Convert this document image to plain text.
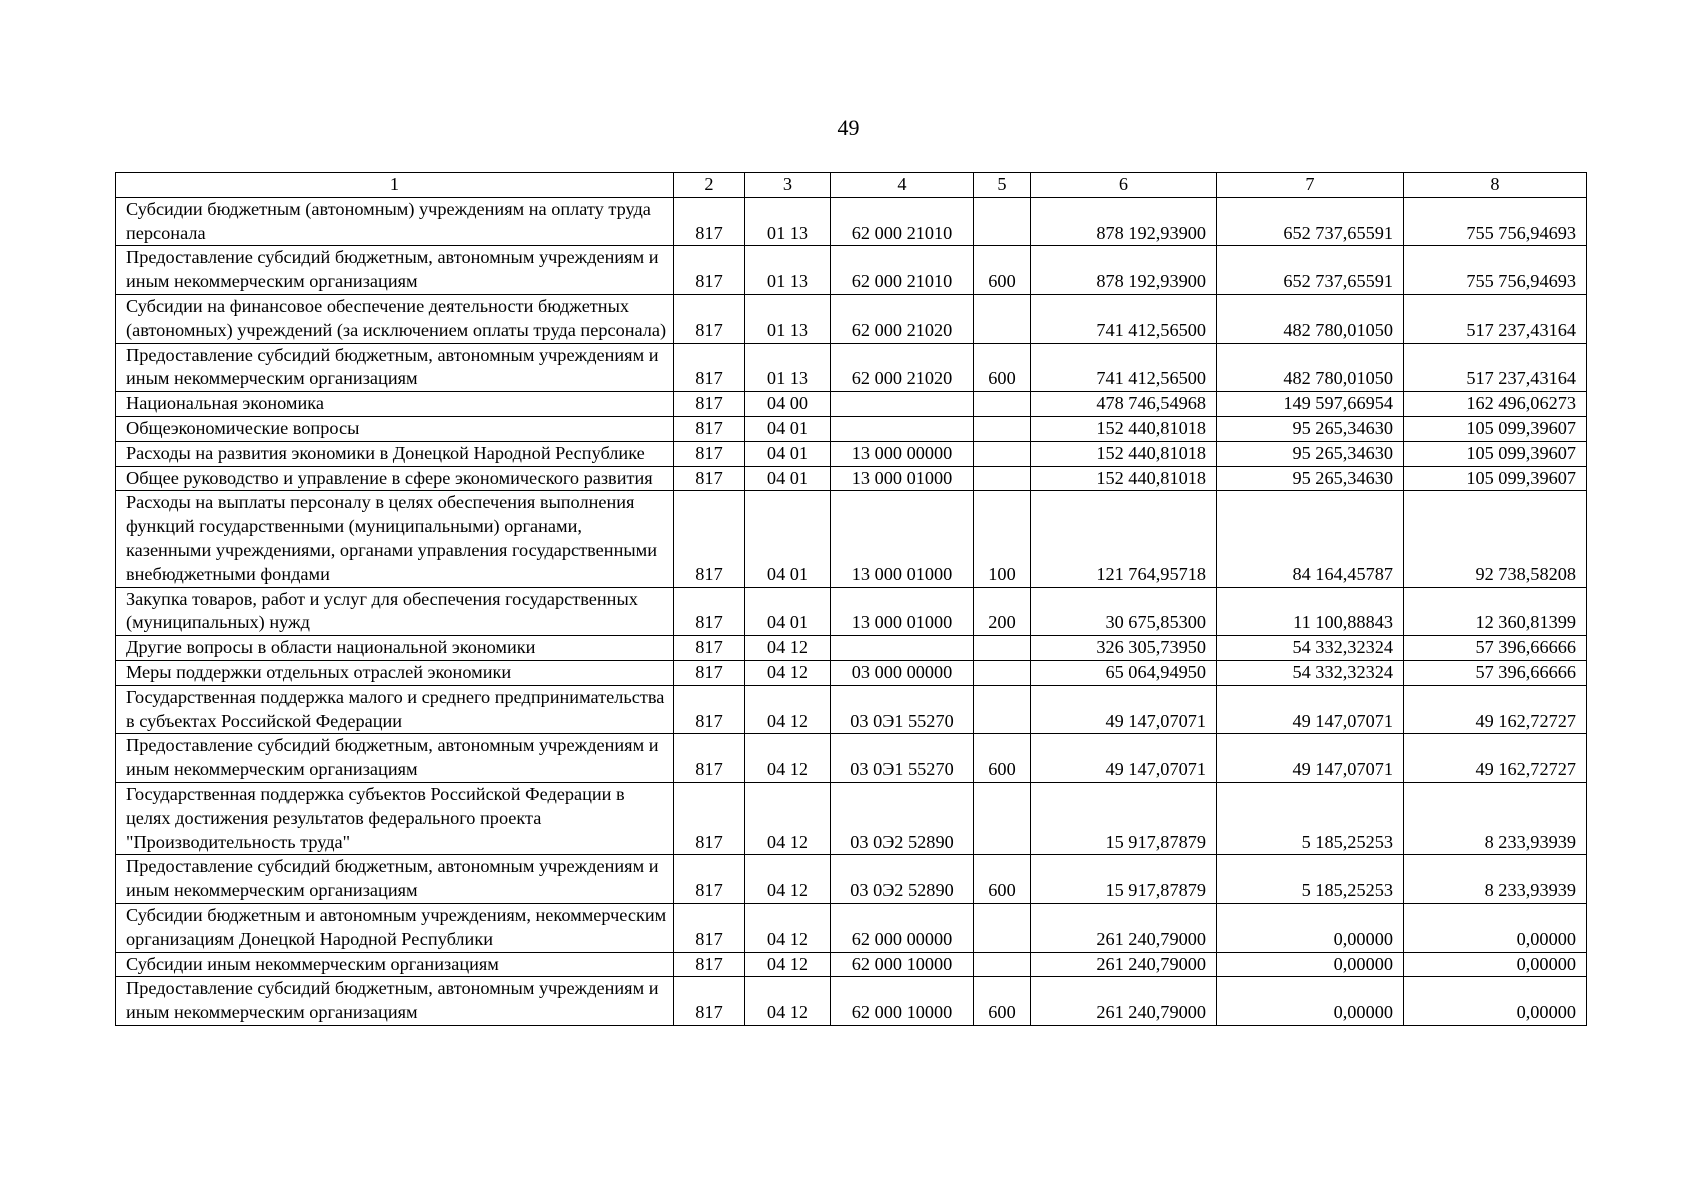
49
1	2	3	4	5	6	7	8
Субсидии бюджетным (автономным) учреждениям на оплату труда персонала	817	01 13	62 000 21010		878 192,93900	652 737,65591	755 756,94693
Предоставление субсидий бюджетным, автономным учреждениям и иным некоммерческим организациям	817	01 13	62 000 21010	600	878 192,93900	652 737,65591	755 756,94693
Субсидии на финансовое обеспечение деятельности бюджетных (автономных) учреждений (за исключением оплаты труда персонала)	817	01 13	62 000 21020		741 412,56500	482 780,01050	517 237,43164
Предоставление субсидий бюджетным, автономным учреждениям и иным некоммерческим организациям	817	01 13	62 000 21020	600	741 412,56500	482 780,01050	517 237,43164
Национальная экономика	817	04 00			478 746,54968	149 597,66954	162 496,06273
Общеэкономические вопросы	817	04 01			152 440,81018	95 265,34630	105 099,39607
Расходы на развития экономики в Донецкой Народной Республике	817	04 01	13 000 00000		152 440,81018	95 265,34630	105 099,39607
Общее руководство и управление в сфере экономического развития	817	04 01	13 000 01000		152 440,81018	95 265,34630	105 099,39607
Расходы на выплаты персоналу в целях обеспечения выполнения функций государственными (муниципальными) органами, казенными учреждениями, органами управления государственными внебюджетными фондами	817	04 01	13 000 01000	100	121 764,95718	84 164,45787	92 738,58208
Закупка товаров, работ и услуг для обеспечения государственных (муниципальных) нужд	817	04 01	13 000 01000	200	30 675,85300	11 100,88843	12 360,81399
Другие вопросы в области национальной экономики	817	04 12			326 305,73950	54 332,32324	57 396,66666
Меры поддержки отдельных отраслей экономики	817	04 12	03 000 00000		65 064,94950	54 332,32324	57 396,66666
Государственная поддержка малого и среднего предпринимательства в субъектах Российской Федерации	817	04 12	03 0Э1 55270		49 147,07071	49 147,07071	49 162,72727
Предоставление субсидий бюджетным, автономным учреждениям и иным некоммерческим организациям	817	04 12	03 0Э1 55270	600	49 147,07071	49 147,07071	49 162,72727
Государственная поддержка субъектов Российской Федерации в целях достижения результатов федерального проекта "Производительность труда"	817	04 12	03 0Э2 52890		15 917,87879	5 185,25253	8 233,93939
Предоставление субсидий бюджетным, автономным учреждениям и иным некоммерческим организациям	817	04 12	03 0Э2 52890	600	15 917,87879	5 185,25253	8 233,93939
Субсидии бюджетным и автономным учреждениям, некоммерческим организациям Донецкой Народной Республики	817	04 12	62 000 00000		261 240,79000	0,00000	0,00000
Субсидии иным некоммерческим организациям	817	04 12	62 000 10000		261 240,79000	0,00000	0,00000
Предоставление субсидий бюджетным, автономным учреждениям и иным некоммерческим организациям	817	04 12	62 000 10000	600	261 240,79000	0,00000	0,00000
